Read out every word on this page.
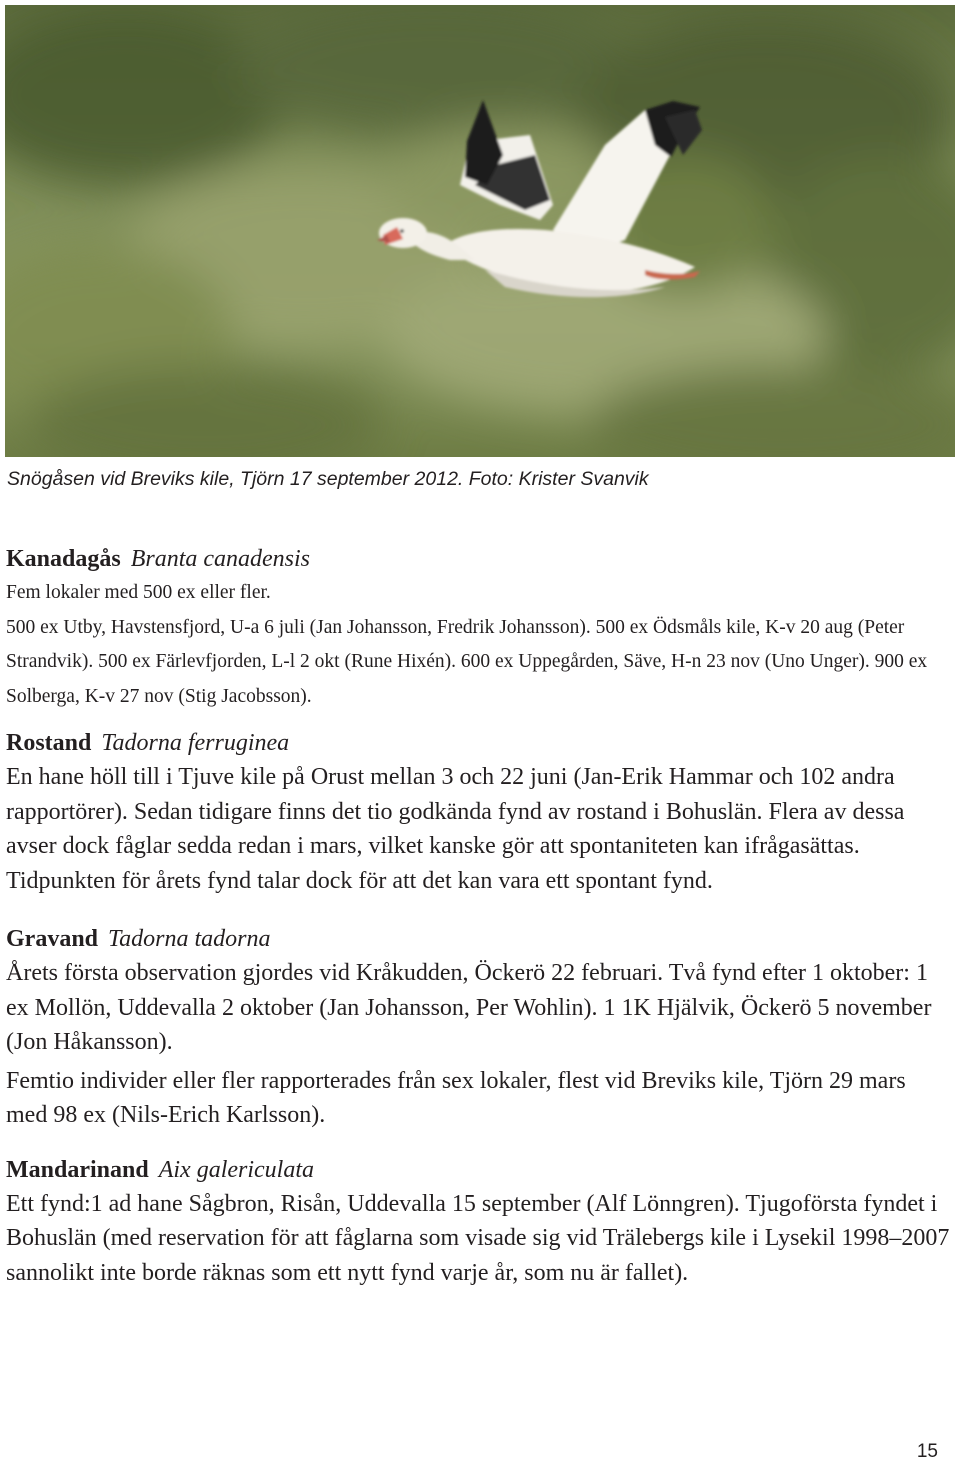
Snögåsen vid Breviks kile, Tjörn 17 september 2012. Foto: Krister Svanvik
Kanadagås Branta canadensis

Fem lokaler med 500 ex eller fler.

500 ex Utby, Havstensfjord, U-a 6 juli (Jan Johansson, Fredrik Johansson). 500 ex Ödsmåls kile, K-v 20 aug (Peter Strandvik). 500 ex Färlevfjorden, L-l 2 okt (Rune Hixén). 600 ex Uppegården, Säve, H-n 23 nov (Uno Unger). 900 ex Solberga, K-v 27 nov (Stig Jacobsson).

Rostand Tadorna ferruginea

En hane höll till i Tjuve kile på Orust mellan 3 och 22 juni (Jan-Erik Hammar och 102 andra rapportörer). Sedan tidigare finns det tio godkända fynd av rostand i Bohuslän. Flera av dessa avser dock fåglar sedda redan i mars, vilket kanske gör att spontaniteten kan ifrågasättas. Tidpunkten för årets fynd talar dock för att det kan vara ett spontant fynd.

Gravand Tadorna tadorna

Årets första observation gjordes vid Kråkudden, Öckerö 22 februari. Två fynd efter 1 oktober: 1 ex Mollön, Uddevalla 2 oktober (Jan Johansson, Per Wohlin). 1 1K Hjälvik, Öckerö 5 november (Jon Håkansson).

Femtio individer eller fler rapporterades från sex lokaler, flest vid Breviks kile, Tjörn 29 mars med 98 ex (Nils-Erich Karlsson).

Mandarinand Aix galericulata

Ett fynd:1 ad hane Sågbron, Risån, Uddevalla 15 september (Alf Lönngren). Tjugoförsta fyndet i Bohuslän (med reservation för att fåglarna som visade sig vid Trälebergs kile i Lysekil 1998–2007 sannolikt inte borde räknas som ett nytt fynd varje år, som nu är fallet).

15
